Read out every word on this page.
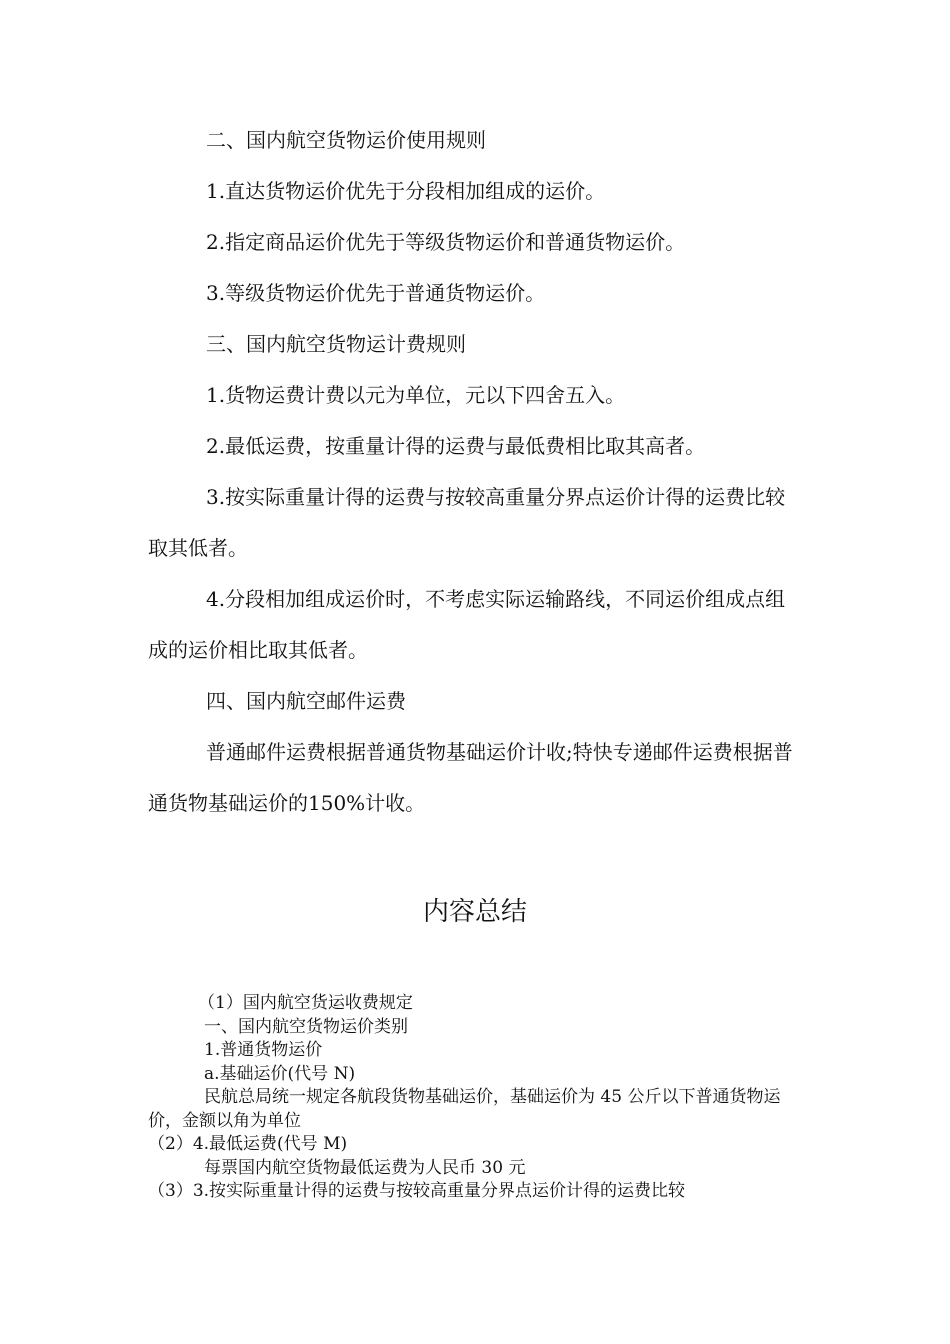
二、国内航空货物运价使用规则

1.直达货物运价优先于分段相加组成的运价。

2.指定商品运价优先于等级货物运价和普通货物运价。

3.等级货物运价优先于普通货物运价。

三、国内航空货物运计费规则

1.货物运费计费以元为单位，元以下四舍五入。

2.最低运费，按重量计得的运费与最低费相比取其高者。

3.按实际重量计得的运费与按较高重量分界点运价计得的运费比较取其低者。

4.分段相加组成运价时，不考虑实际运输路线，不同运价组成点组成的运价相比取其低者。

四、国内航空邮件运费

普通邮件运费根据普通货物基础运价计收;特快专递邮件运费根据普通货物基础运价的150%计收。

内容总结
（1）国内航空货运收费规定
一、国内航空货物运价类别
1.普通货物运价
a.基础运价(代号 N)
民航总局统一规定各航段货物基础运价，基础运价为 45 公斤以下普通货物运价，金额以角为单位
（2）4.最低运费(代号 M)
每票国内航空货物最低运费为人民币 30 元
（3）3.按实际重量计得的运费与按较高重量分界点运价计得的运费比较
